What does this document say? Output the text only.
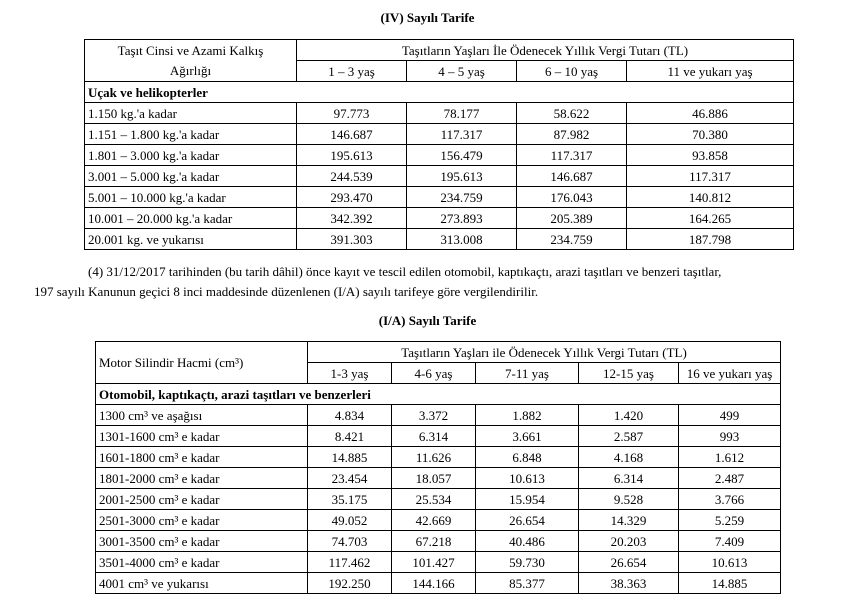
(IV) Sayılı Tarife
Taşıt Cinsi ve Azami Kalkış
Ağırlığı	Taşıtların Yaşları İle Ödenecek Yıllık Vergi Tutarı (TL)			
	1 – 3 yaş	4 – 5 yaş	6 – 10 yaş	11 ve yukarı yaş
Uçak ve helikopterler				
1.150 kg.'a kadar	97.773	78.177	58.622	46.886
1.151 – 1.800 kg.'a kadar	146.687	117.317	87.982	70.380
1.801 – 3.000 kg.'a kadar	195.613	156.479	117.317	93.858
3.001 – 5.000 kg.'a kadar	244.539	195.613	146.687	117.317
5.001 – 10.000 kg.'a kadar	293.470	234.759	176.043	140.812
10.001 – 20.000 kg.'a kadar	342.392	273.893	205.389	164.265
20.001 kg. ve yukarısı	391.303	313.008	234.759	187.798
(4) 31/12/2017 tarihinden (bu tarih dâhil) önce kayıt ve tescil edilen otomobil, kaptıkaçtı, arazi taşıtları ve benzeri taşıtlar,
197 sayılı Kanunun geçici 8 inci maddesinde düzenlenen (I/A) sayılı tarifeye göre vergilendirilir.
(I/A) Sayılı Tarife
Motor Silindir Hacmi (cm³)	Taşıtların Yaşları ile Ödenecek Yıllık Vergi Tutarı (TL)				
	1-3 yaş	4-6 yaş	7-11 yaş	12-15 yaş	16 ve yukarı yaş
Otomobil, kaptıkaçtı, arazi taşıtları ve benzerleri					
1300 cm³ ve aşağısı	4.834	3.372	1.882	1.420	499
1301-1600 cm³ e kadar	8.421	6.314	3.661	2.587	993
1601-1800 cm³ e kadar	14.885	11.626	6.848	4.168	1.612
1801-2000 cm³ e kadar	23.454	18.057	10.613	6.314	2.487
2001-2500 cm³ e kadar	35.175	25.534	15.954	9.528	3.766
2501-3000 cm³ e kadar	49.052	42.669	26.654	14.329	5.259
3001-3500 cm³ e kadar	74.703	67.218	40.486	20.203	7.409
3501-4000 cm³ e kadar	117.462	101.427	59.730	26.654	10.613
4001 cm³ ve yukarısı	192.250	144.166	85.377	38.363	14.885
